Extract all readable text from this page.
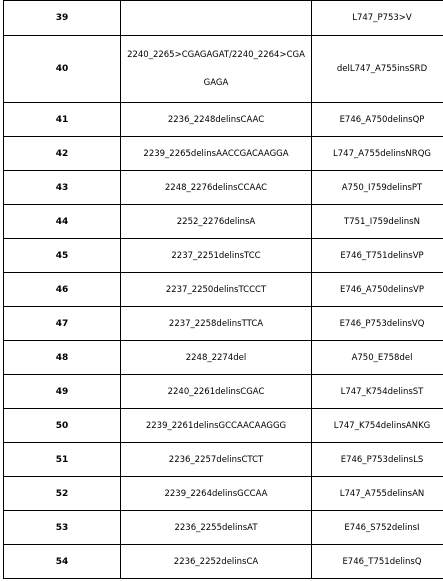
39		L747_P753>V
40	2240_2265>CGAGAGAT/2240_2264>CGA GAGA	delL747_A755insSRD
41	2236_2248delinsCAAC	E746_A750delinsQP
42	2239_2265delinsAACCGACAAGGA	L747_A755delinsNRQG
43	2248_2276delinsCCAAC	A750_I759delinsPT
44	2252_2276delinsA	T751_I759delinsN
45	2237_2251delinsTCC	E746_T751delinsVP
46	2237_2250delinsTCCCT	E746_A750delinsVP
47	2237_2258delinsTTCA	E746_P753delinsVQ
48	2248_2274del	A750_E758del
49	2240_2261delinsCGAC	L747_K754delinsST
50	2239_2261delinsGCCAACAAGGG	L747_K754delinsANKG
51	2236_2257delinsCTCT	E746_P753delinsLS
52	2239_2264delinsGCCAA	L747_A755delinsAN
53	2236_2255delinsAT	E746_S752delinsI
54	2236_2252delinsCA	E746_T751delinsQ
